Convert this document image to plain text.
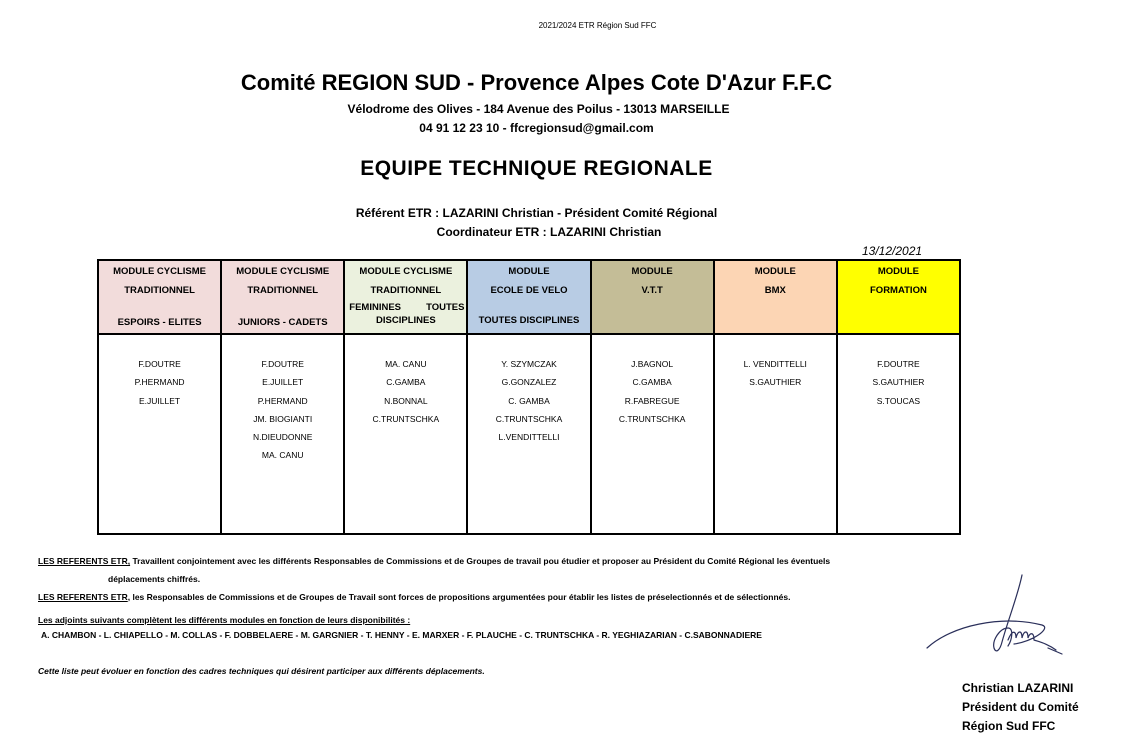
2021/2024 ETR Région Sud FFC
Comité REGION SUD - Provence Alpes Cote D'Azur F.F.C
Vélodrome des Olives - 184 Avenue des Poilus - 13013 MARSEILLE
04 91 12 23 10 - ffcregionsud@gmail.com
EQUIPE TECHNIQUE REGIONALE
Référent ETR : LAZARINI Christian - Président Comité Régional
Coordinateur ETR : LAZARINI Christian
13/12/2021
MODULE CYCLISME
TRADITIONNEL
ESPOIRS - ELITES
F.DOUTRE
P.HERMAND
E.JUILLET
MODULE CYCLISME
TRADITIONNEL
JUNIORS - CADETS
F.DOUTRE
E.JUILLET
P.HERMAND
JM. BIOGIANTI
N.DIEUDONNE
MA. CANU
MODULE CYCLISME
TRADITIONNEL
FEMININES	TOUTES
DISCIPLINES
MA. CANU
C.GAMBA
N.BONNAL
C.TRUNTSCHKA
MODULE
ECOLE DE VELO
TOUTES DISCIPLINES
Y. SZYMCZAK
G.GONZALEZ
C. GAMBA
C.TRUNTSCHKA
L.VENDITTELLI
MODULE
V.T.T
J.BAGNOL
C.GAMBA
R.FABREGUE
C.TRUNTSCHKA
MODULE
BMX
L. VENDITTELLI
S.GAUTHIER
MODULE
FORMATION
F.DOUTRE
S.GAUTHIER
S.TOUCAS
LES REFERENTS ETR, Travaillent conjointement avec les différents Responsables de Commissions et de Groupes de travail pou étudier et proposer au Président du Comité Régional les éventuels
déplacements chiffrés.
LES REFERENTS ETR, les Responsables de Commissions et de Groupes de Travail sont forces de propositions argumentées pour établir les listes de préselectionnés et de sélectionnés.
Les adjoints suivants complètent les différents modules en fonction de leurs disponibilités :
A. CHAMBON - L. CHIAPELLO - M. COLLAS - F. DOBBELAERE - M. GARGNIER - T. HENNY - E. MARXER - F. PLAUCHE - C. TRUNTSCHKA - R. YEGHIAZARIAN - C.SABONNADIERE
Cette liste peut évoluer en fonction des cadres techniques qui désirent participer aux différents déplacements.
Christian LAZARINI
Président du Comité
Région Sud FFC
